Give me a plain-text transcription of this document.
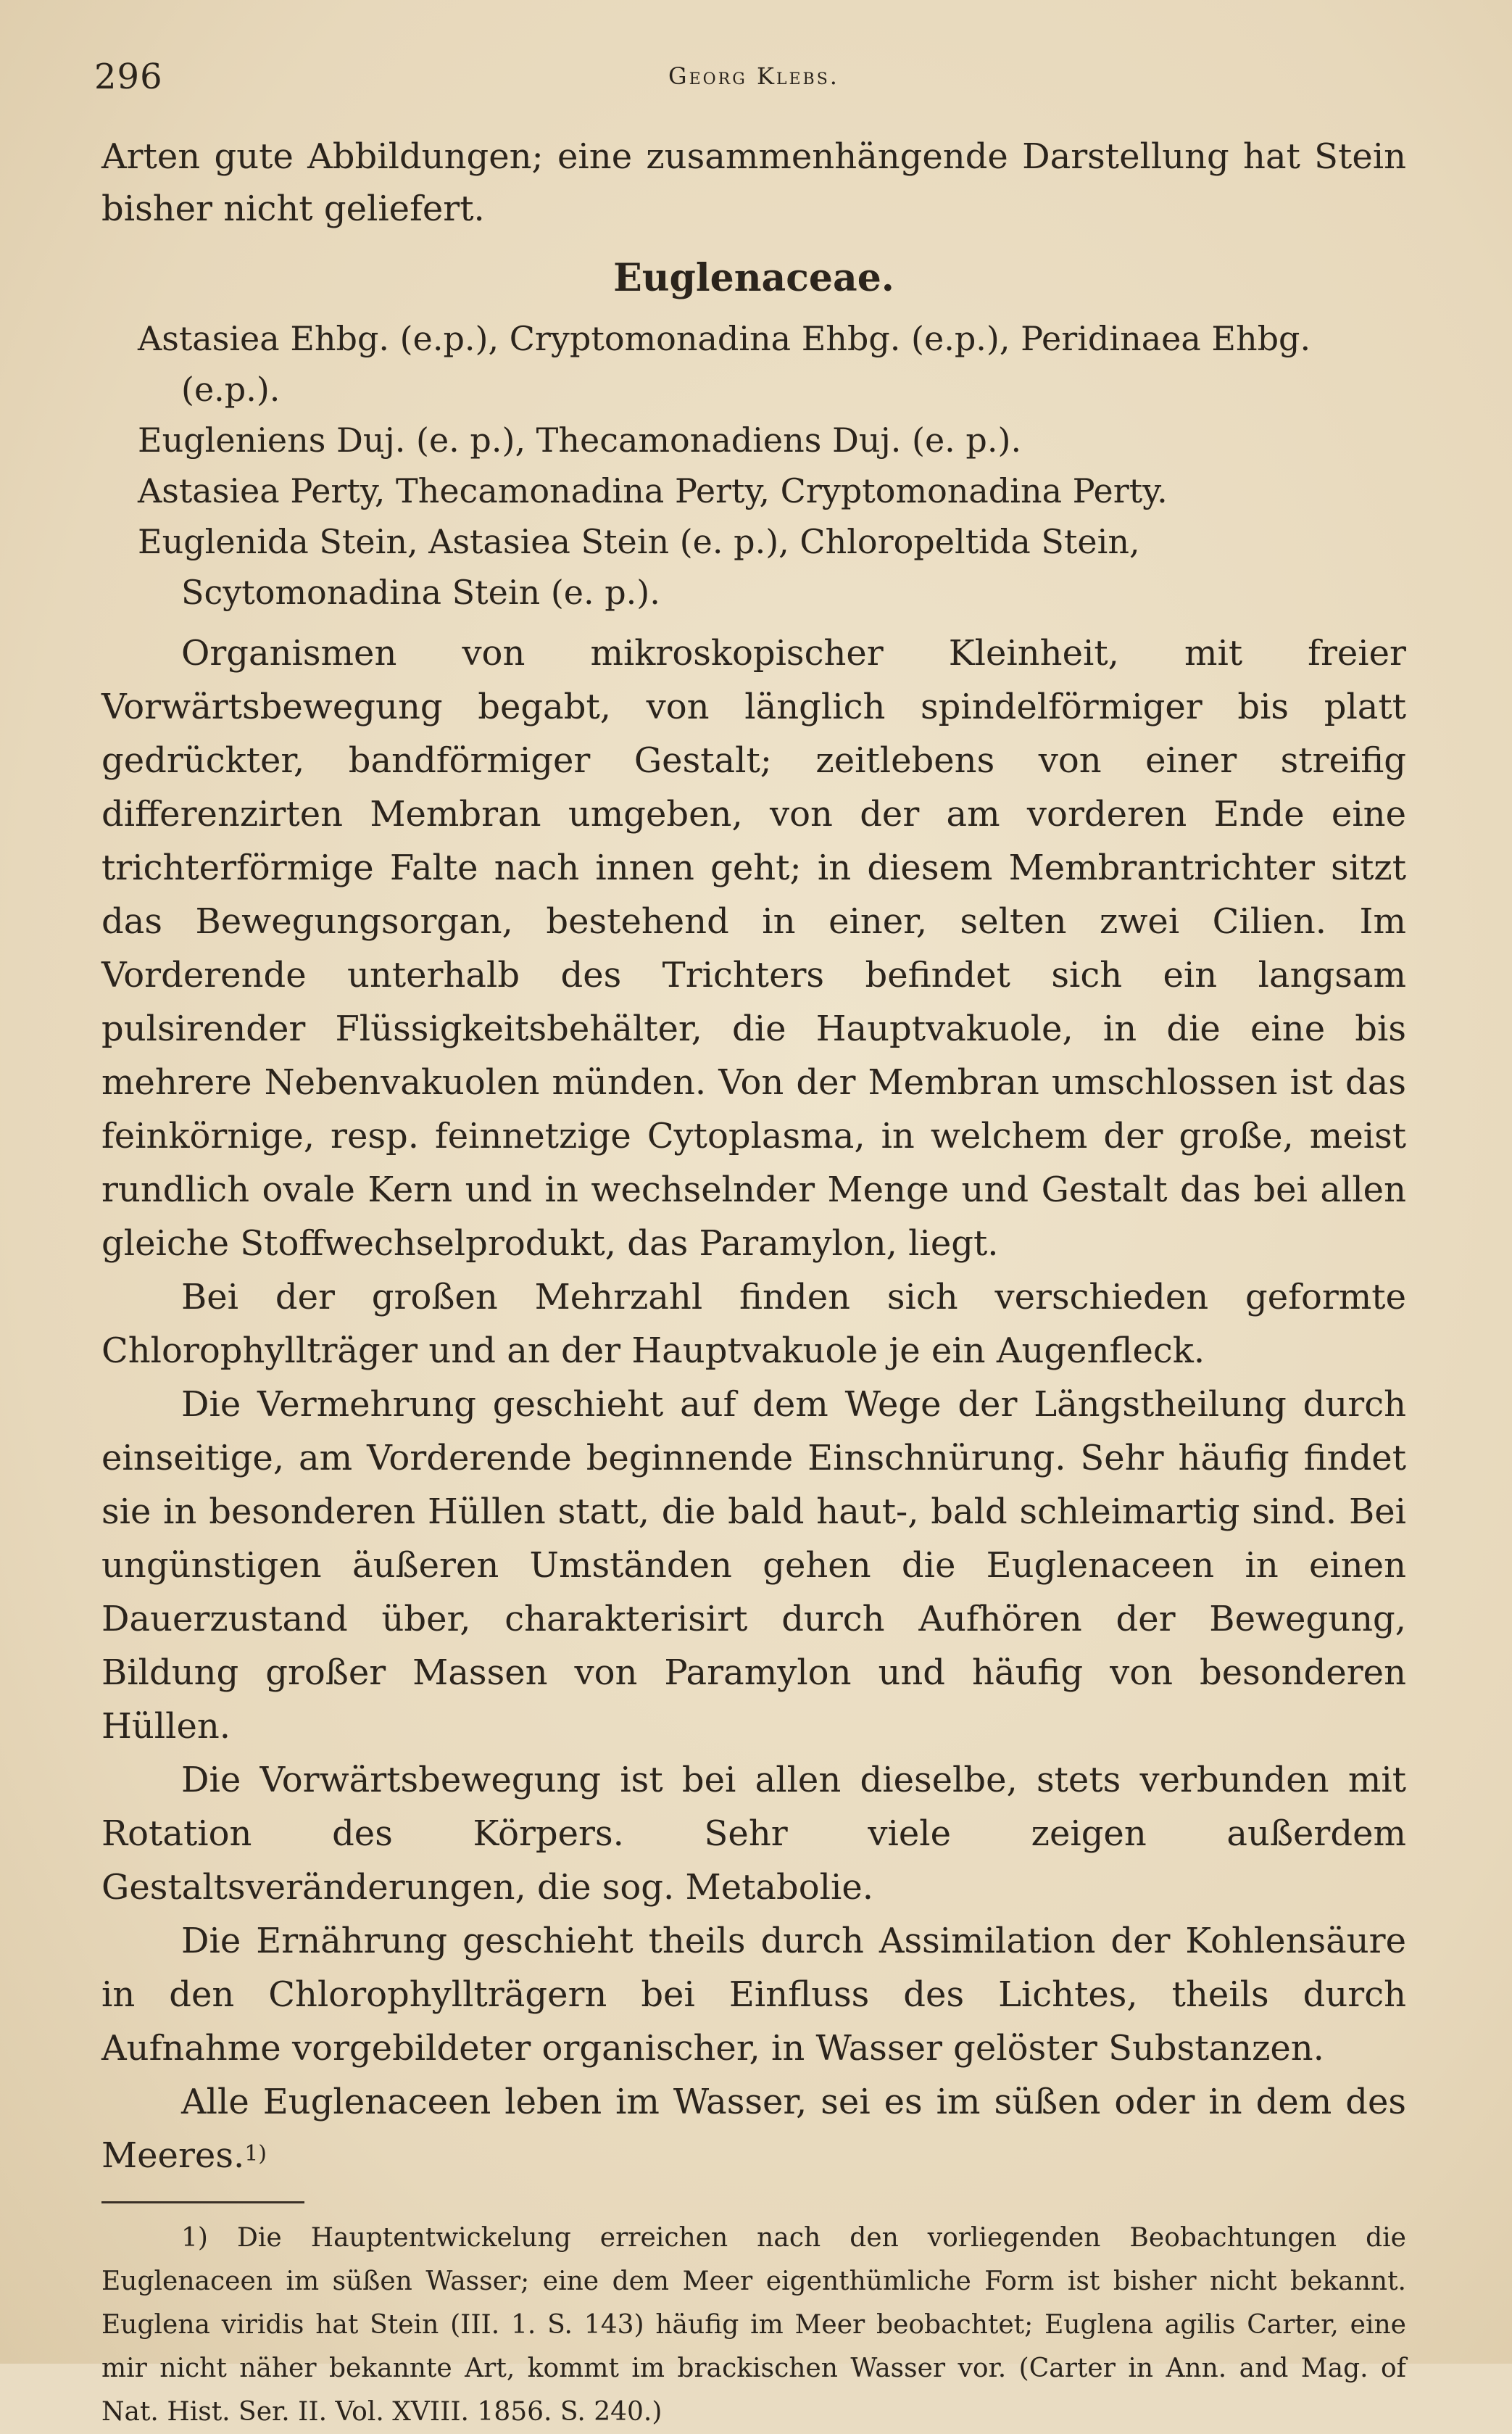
296	Georg Klebs.

Arten gute Abbildungen; eine zusammenhängende Darstellung hat Stein bisher nicht geliefert.

Euglenaceae.

Astasiea Ehbg. (e.p.), Cryptomonadina Ehbg. (e.p.), Peridinaea Ehbg. (e.p.).

Eugleniens Duj. (e. p.), Thecamonadiens Duj. (e. p.).

Astasiea Perty, Thecamonadina Perty, Cryptomonadina Perty.

Euglenida Stein, Astasiea Stein (e. p.), Chloropeltida Stein, Scytomonadina Stein (e. p.).

Organismen von mikroskopischer Kleinheit, mit freier Vorwärtsbewegung begabt, von länglich spindelförmiger bis platt gedrückter, bandförmiger Gestalt; zeitlebens von einer streifig differenzirten Membran umgeben, von der am vorderen Ende eine trichterförmige Falte nach innen geht; in diesem Membrantrichter sitzt das Bewegungsorgan, bestehend in einer, selten zwei Cilien. Im Vorderende unterhalb des Trichters befindet sich ein langsam pulsirender Flüssigkeitsbehälter, die Hauptvakuole, in die eine bis mehrere Nebenvakuolen münden. Von der Membran umschlossen ist das feinkörnige, resp. feinnetzige Cytoplasma, in welchem der große, meist rundlich ovale Kern und in wechselnder Menge und Gestalt das bei allen gleiche Stoffwechselprodukt, das Paramylon, liegt.

Bei der großen Mehrzahl finden sich verschieden geformte Chlorophyllträger und an der Hauptvakuole je ein Augenfleck.

Die Vermehrung geschieht auf dem Wege der Längstheilung durch einseitige, am Vorderende beginnende Einschnürung. Sehr häufig findet sie in besonderen Hüllen statt, die bald haut-, bald schleimartig sind. Bei ungünstigen äußeren Umständen gehen die Euglenaceen in einen Dauerzustand über, charakterisirt durch Aufhören der Bewegung, Bildung großer Massen von Paramylon und häufig von besonderen Hüllen.

Die Vorwärtsbewegung ist bei allen dieselbe, stets verbunden mit Rotation des Körpers. Sehr viele zeigen außerdem Gestaltsveränderungen, die sog. Metabolie.

Die Ernährung geschieht theils durch Assimilation der Kohlensäure in den Chlorophyllträgern bei Einfluss des Lichtes, theils durch Aufnahme vorgebildeter organischer, in Wasser gelöster Substanzen.

Alle Euglenaceen leben im Wasser, sei es im süßen oder in dem des Meeres.$^{1)}$

1) Die Hauptentwickelung erreichen nach den vorliegenden Beobachtungen die Euglenaceen im süßen Wasser; eine dem Meer eigenthümliche Form ist bisher nicht bekannt. Euglena viridis hat Stein (III. 1. S. 143) häufig im Meer beobachtet; Euglena agilis Carter, eine mir nicht näher bekannte Art, kommt im brackischen Wasser vor. (Carter in Ann. and Mag. of Nat. Hist. Ser. II. Vol. XVIII. 1856. S. 240.)
